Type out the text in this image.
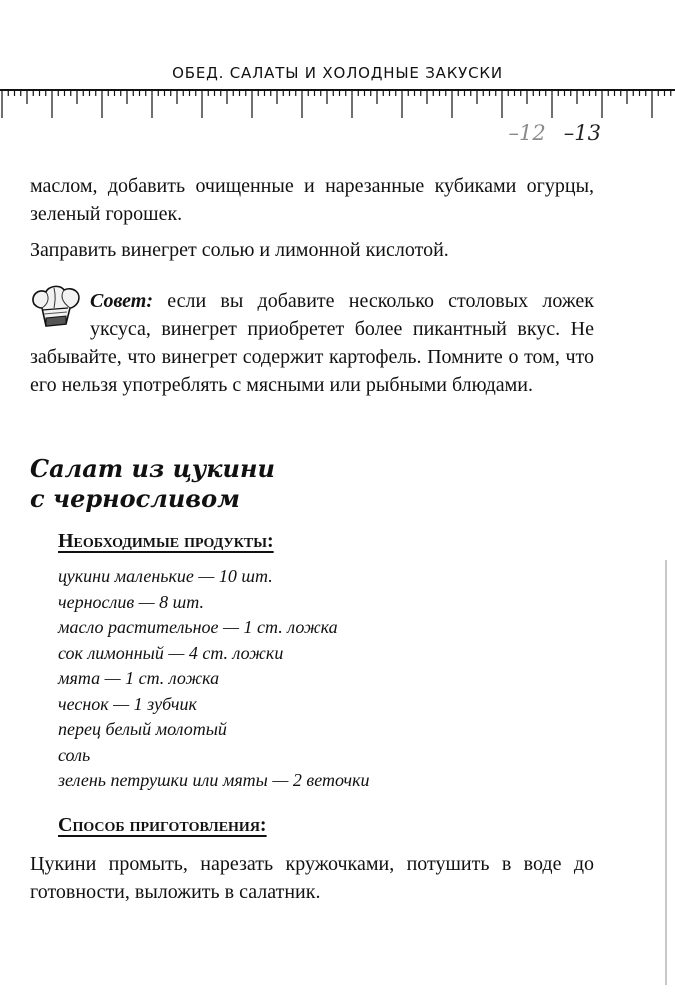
ОБЕД. САЛАТЫ И ХОЛОДНЫЕ ЗАКУСКИ
–12 –13

маслом, добавить очищенные и нарезанные кубиками огурцы, зеленый горошек.

Заправить винегрет солью и лимонной кислотой.

Совет: если вы добавите несколько столовых ложек уксуса, винегрет приобретет более пикантный вкус. Не забывайте, что винегрет содержит картофель. Помните о том, что его нельзя употреблять с мясными или рыбными блюдами.

Салат из цукини
с черносливом
Необходимые продукты:
цукини маленькие — 10 шт.
чернослив — 8 шт.
масло растительное — 1 ст. ложка
сок лимонный — 4 ст. ложки
мята — 1 ст. ложка
чеснок — 1 зубчик
перец белый молотый
соль
зелень петрушки или мяты — 2 веточки
Способ приготовления:

Цукини промыть, нарезать кружочками, потушить в воде до готовности, выложить в салатник.
